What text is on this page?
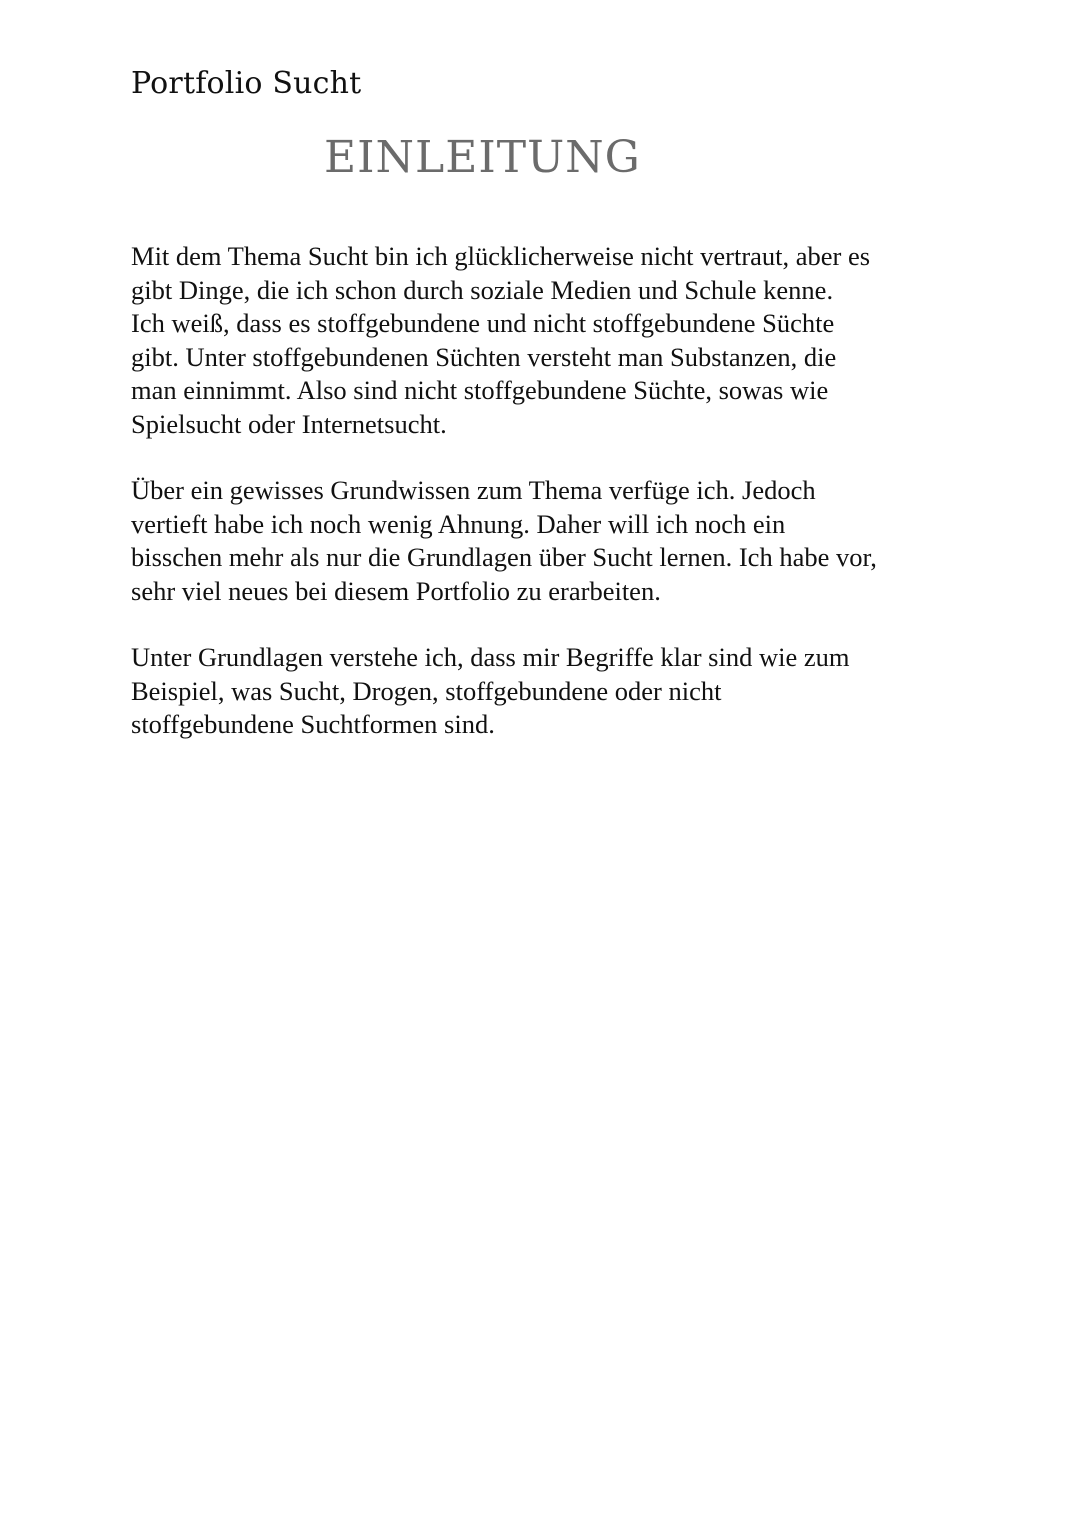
Portfolio Sucht
EINLEITUNG
Mit dem Thema Sucht bin ich glücklicherweise nicht vertraut, aber es
gibt Dinge, die ich schon durch soziale Medien und Schule kenne.
Ich weiß, dass es stoffgebundene und nicht stoffgebundene Süchte
gibt. Unter stoffgebundenen Süchten versteht man Substanzen, die
man einnimmt. Also sind nicht stoffgebundene Süchte, sowas wie
Spielsucht oder Internetsucht.
Über ein gewisses Grundwissen zum Thema verfüge ich. Jedoch
vertieft habe ich noch wenig Ahnung. Daher will ich noch ein
bisschen mehr als nur die Grundlagen über Sucht lernen. Ich habe vor,
sehr viel neues bei diesem Portfolio zu erarbeiten.
Unter Grundlagen verstehe ich, dass mir Begriffe klar sind wie zum
Beispiel, was Sucht, Drogen, stoffgebundene oder nicht
stoffgebundene Suchtformen sind.
